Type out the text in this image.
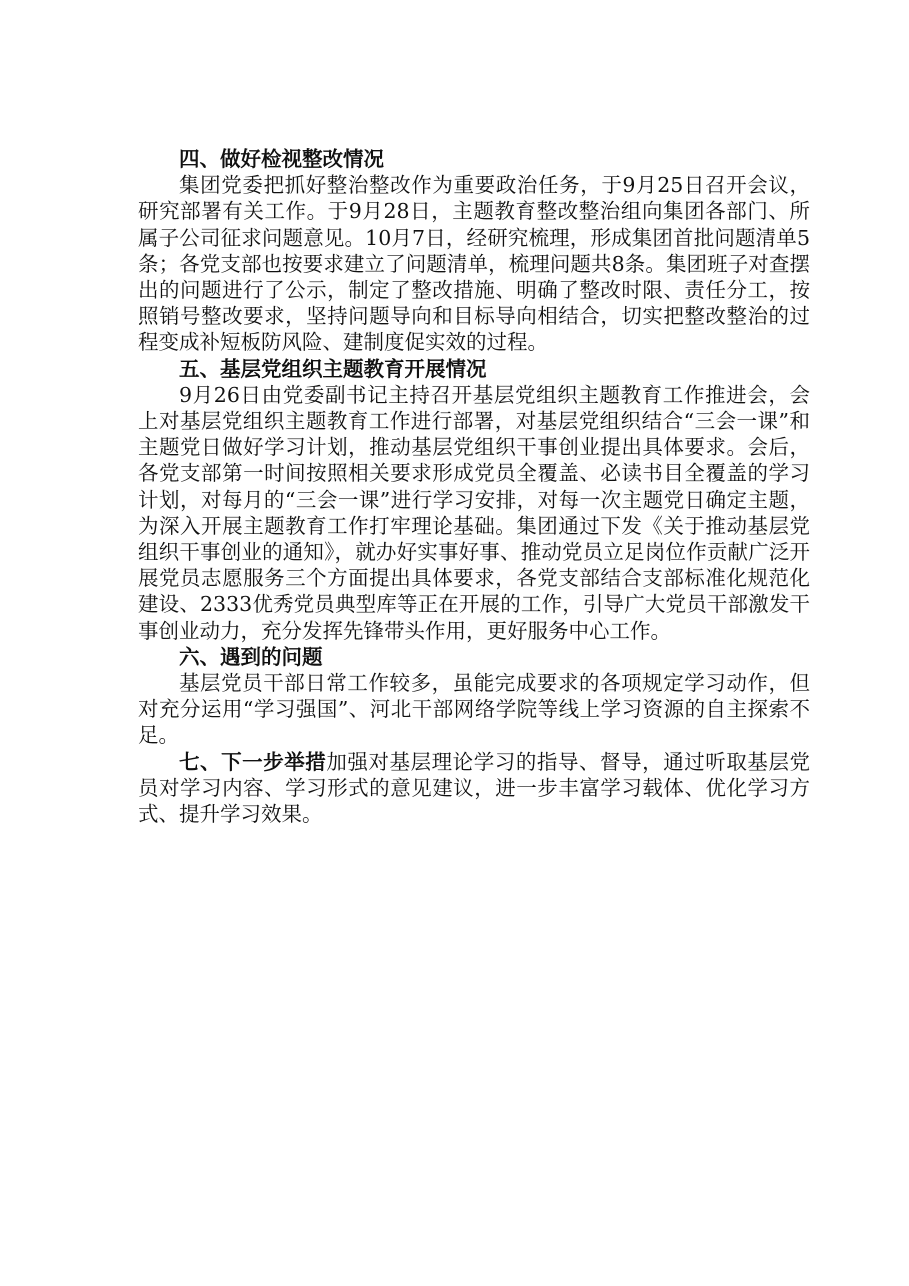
四、做好检视整改情况

集团党委把抓好整治整改作为重要政治任务，于9月25日召开会议，研究部署有关工作。于9月28日，主题教育整改整治组向集团各部门、所属子公司征求问题意见。10月7日，经研究梳理，形成集团首批问题清单5条；各党支部也按要求建立了问题清单，梳理问题共8条。集团班子对查摆出的问题进行了公示，制定了整改措施、明确了整改时限、责任分工，按照销号整改要求，坚持问题导向和目标导向相结合，切实把整改整治的过程变成补短板防风险、建制度促实效的过程。

五、基层党组织主题教育开展情况

9月26日由党委副书记主持召开基层党组织主题教育工作推进会，会上对基层党组织主题教育工作进行部署，对基层党组织结合“三会一课”和主题党日做好学习计划，推动基层党组织干事创业提出具体要求。会后，各党支部第一时间按照相关要求形成党员全覆盖、必读书目全覆盖的学习计划，对每月的“三会一课”进行学习安排，对每一次主题党日确定主题，为深入开展主题教育工作打牢理论基础。集团通过下发《关于推动基层党组织干事创业的通知》，就办好实事好事、推动党员立足岗位作贡献广泛开展党员志愿服务三个方面提出具体要求，各党支部结合支部标准化规范化建设、2333优秀党员典型库等正在开展的工作，引导广大党员干部激发干事创业动力，充分发挥先锋带头作用，更好服务中心工作。

六、遇到的问题

基层党员干部日常工作较多，虽能完成要求的各项规定学习动作，但对充分运用“学习强国”、河北干部网络学院等线上学习资源的自主探索不足。

七、下一步举措加强对基层理论学习的指导、督导，通过听取基层党员对学习内容、学习形式的意见建议，进一步丰富学习载体、优化学习方式、提升学习效果。
